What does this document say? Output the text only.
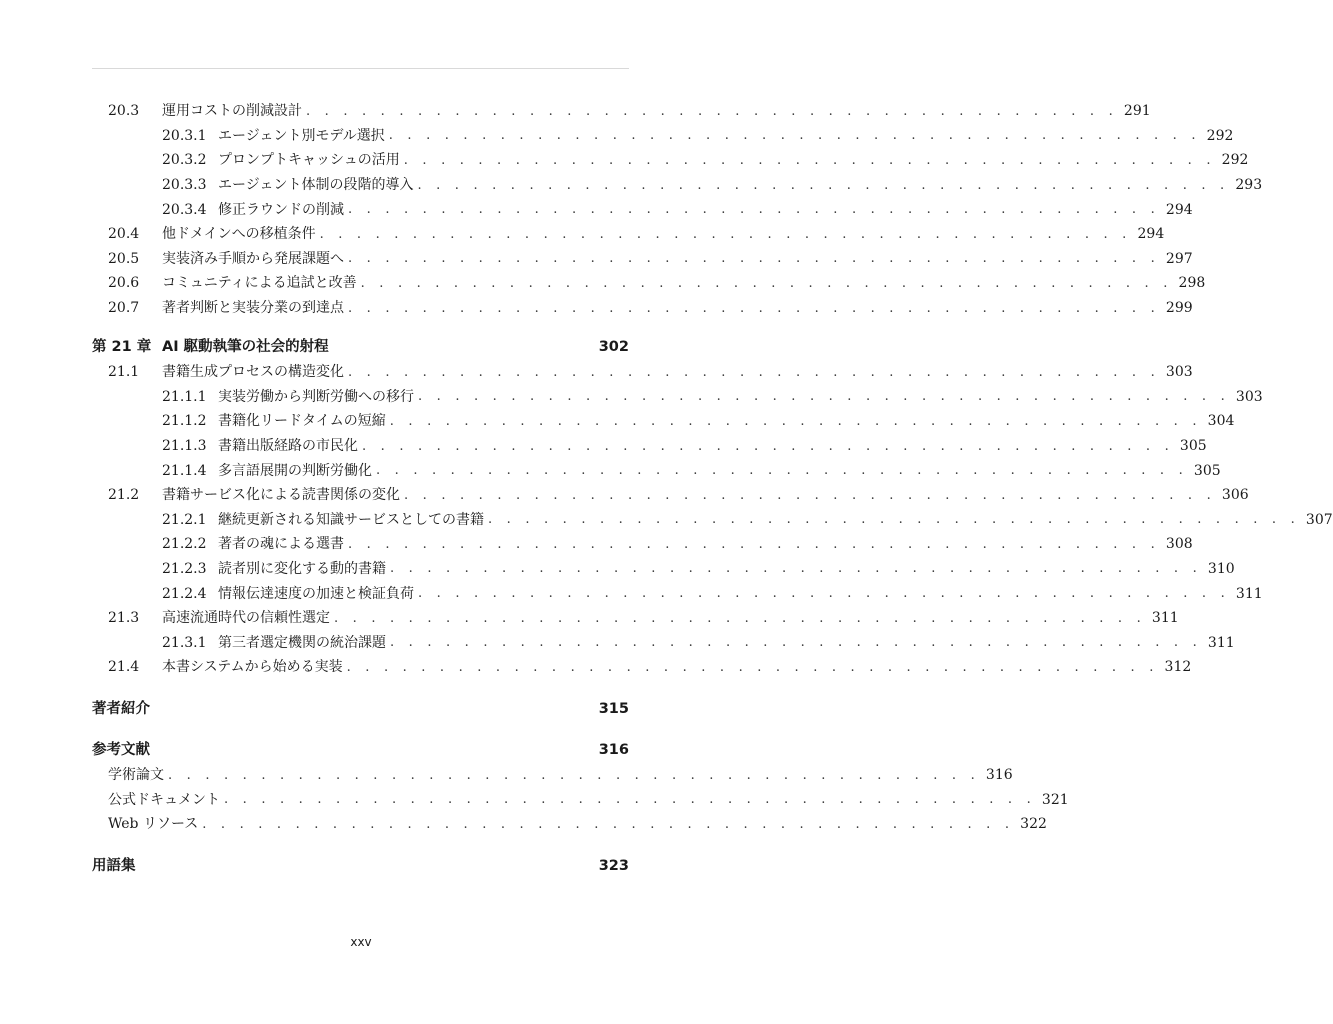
20.3	運用コストの削減設計 . . . . . . . . . . . . . . . . . . . . . . . . . . . . . . . . . . . . . . . . . . . . 291
20.3.1 エージェント別モデル選択 . . . . . . . . . . . . . . . . . . . . . . . . . . . . . . . . . . . . . . . . . . . . 292
20.3.2 プロンプトキャッシュの活用 . . . . . . . . . . . . . . . . . . . . . . . . . . . . . . . . . . . . . . . . . . . . 292
20.3.3 エージェント体制の段階的導入 . . . . . . . . . . . . . . . . . . . . . . . . . . . . . . . . . . . . . . . . . . . . 293
20.3.4 修正ラウンドの削減 . . . . . . . . . . . . . . . . . . . . . . . . . . . . . . . . . . . . . . . . . . . . 294
20.4	他ドメインへの移植条件 . . . . . . . . . . . . . . . . . . . . . . . . . . . . . . . . . . . . . . . . . . . . 294
20.5	実装済み手順から発展課題へ . . . . . . . . . . . . . . . . . . . . . . . . . . . . . . . . . . . . . . . . . . . . 297
20.6	コミュニティによる追試と改善 . . . . . . . . . . . . . . . . . . . . . . . . . . . . . . . . . . . . . . . . . . . . 298
20.7	著者判断と実装分業の到達点 . . . . . . . . . . . . . . . . . . . . . . . . . . . . . . . . . . . . . . . . . . . . 299
第 21 章 AI 駆動執筆の社会的射程	302
21.1	書籍生成プロセスの構造変化 . . . . . . . . . . . . . . . . . . . . . . . . . . . . . . . . . . . . . . . . . . . . 303
21.1.1 実装労働から判断労働への移行 . . . . . . . . . . . . . . . . . . . . . . . . . . . . . . . . . . . . . . . . . . . . 303
21.1.2 書籍化リードタイムの短縮 . . . . . . . . . . . . . . . . . . . . . . . . . . . . . . . . . . . . . . . . . . . . 304
21.1.3 書籍出版経路の市民化 . . . . . . . . . . . . . . . . . . . . . . . . . . . . . . . . . . . . . . . . . . . . 305
21.1.4 多言語展開の判断労働化 . . . . . . . . . . . . . . . . . . . . . . . . . . . . . . . . . . . . . . . . . . . . 305
21.2	書籍サービス化による読書関係の変化 . . . . . . . . . . . . . . . . . . . . . . . . . . . . . . . . . . . . . . . . . . . . 306
21.2.1 継続更新される知識サービスとしての書籍 . . . . . . . . . . . . . . . . . . . . . . . . . . . . . . . . . . . . . . . . . . . . 307
21.2.2 著者の魂による選書 . . . . . . . . . . . . . . . . . . . . . . . . . . . . . . . . . . . . . . . . . . . . 308
21.2.3 読者別に変化する動的書籍 . . . . . . . . . . . . . . . . . . . . . . . . . . . . . . . . . . . . . . . . . . . . 310
21.2.4 情報伝達速度の加速と検証負荷 . . . . . . . . . . . . . . . . . . . . . . . . . . . . . . . . . . . . . . . . . . . . 311
21.3	高速流通時代の信頼性選定 . . . . . . . . . . . . . . . . . . . . . . . . . . . . . . . . . . . . . . . . . . . . 311
21.3.1 第三者選定機関の統治課題 . . . . . . . . . . . . . . . . . . . . . . . . . . . . . . . . . . . . . . . . . . . . 311
21.4	本書システムから始める実装 . . . . . . . . . . . . . . . . . . . . . . . . . . . . . . . . . . . . . . . . . . . . 312
著者紹介	315
参考文献	316
学術論文 . . . . . . . . . . . . . . . . . . . . . . . . . . . . . . . . . . . . . . . . . . . . 316
公式ドキュメント . . . . . . . . . . . . . . . . . . . . . . . . . . . . . . . . . . . . . . . . . . . . 321
Web リソース . . . . . . . . . . . . . . . . . . . . . . . . . . . . . . . . . . . . . . . . . . . . 322
用語集	323
xxv
